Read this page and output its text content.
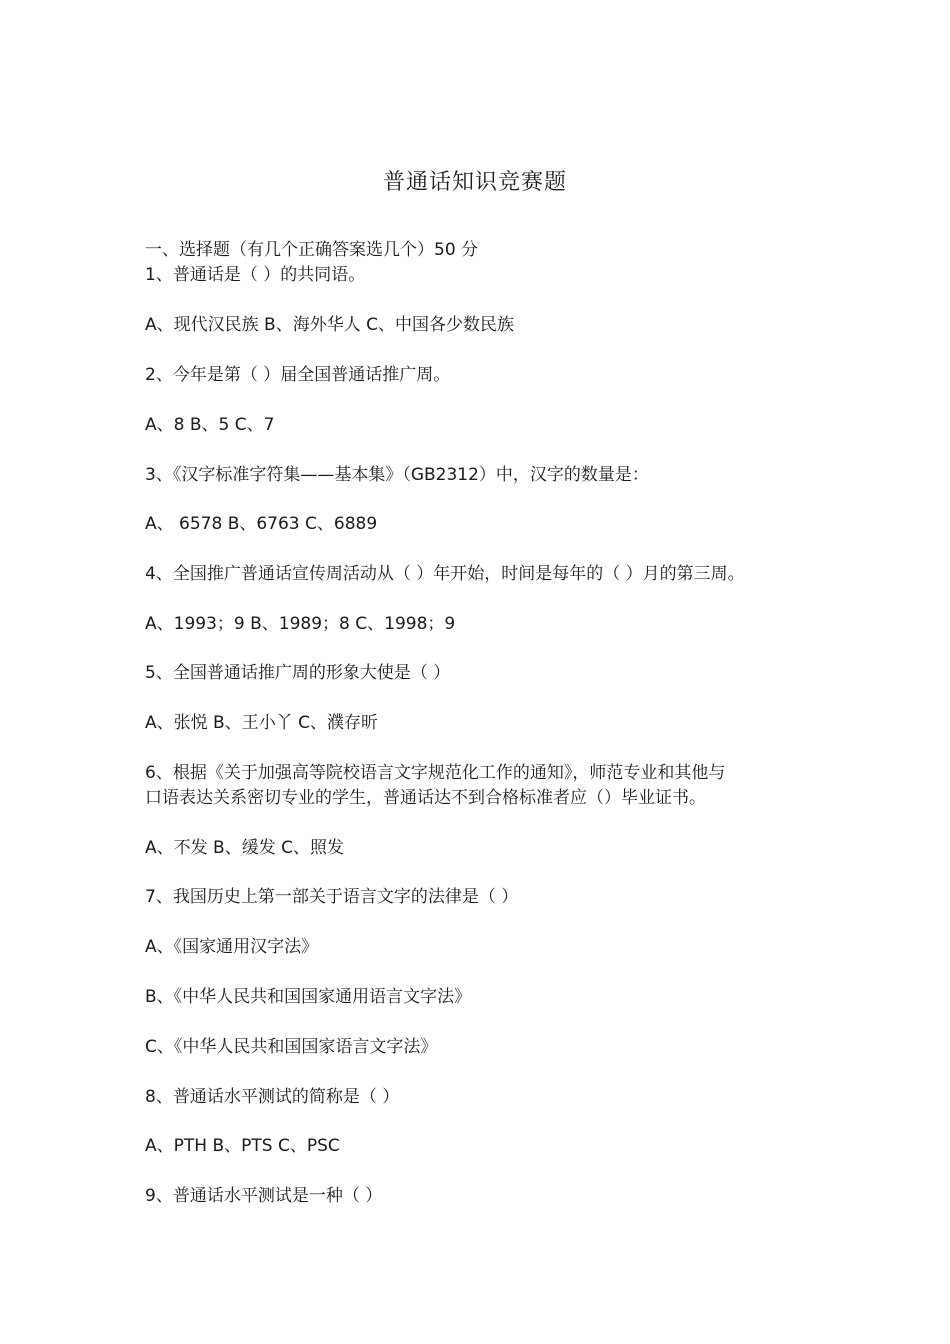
普通话知识竞赛题
一、选择题（有几个正确答案选几个）50 分
1、普通话是（ ）的共同语。
A、现代汉民族 B、海外华人 C、中国各少数民族
2、今年是第（ ）届全国普通话推广周。
A、8 B、5 C、7
3、《汉字标准字符集——基本集》（GB2312）中，汉字的数量是：
A、 6578 B、6763 C、6889
4、全国推广普通话宣传周活动从（ ）年开始，时间是每年的（ ）月的第三周。
A、1993；9 B、1989；8 C、1998；9
5、全国普通话推广周的形象大使是（ ）
A、张悦 B、王小丫 C、濮存昕
6、根据《关于加强高等院校语言文字规范化工作的通知》，师范专业和其他与
口语表达关系密切专业的学生，普通话达不到合格标准者应（）毕业证书。
A、不发 B、缓发 C、照发
7、我国历史上第一部关于语言文字的法律是（ ）
A、《国家通用汉字法》
B、《中华人民共和国国家通用语言文字法》
C、《中华人民共和国国家语言文字法》
8、普通话水平测试的简称是（ ）
A、PTH B、PTS C、PSC
9、普通话水平测试是一种（ ）
